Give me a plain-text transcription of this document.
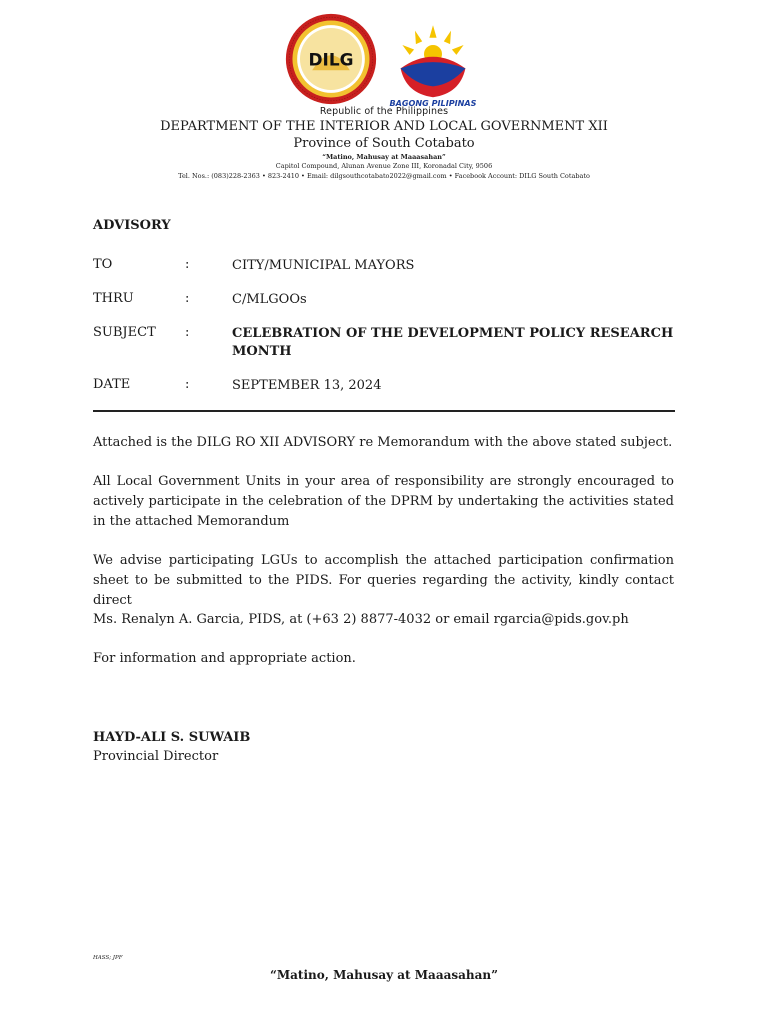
DILG
BAGONG PILIPINAS
Republic of the Philippines
DEPARTMENT OF THE INTERIOR AND LOCAL GOVERNMENT XII
Province of South Cotabato
“Matino, Mahusay at Maaasahan”
Capitol Compound, Alunan Avenue Zone III, Koronadal City, 9506
Tel. Nos.: (083)228-2363 • 823-2410 • Email: dilgsouthcotabato2022@gmail.com • Facebook Account: DILG South Cotabato
ADVISORY
TO	:	CITY/MUNICIPAL MAYORS
THRU	:	C/MLGOOs
SUBJECT :	CELEBRATION OF THE DEVELOPMENT POLICY RESEARCH MONTH
DATE	:	SEPTEMBER 13, 2024
Attached is the DILG RO XII ADVISORY re Memorandum with the above stated subject.
All Local Government Units in your area of responsibility are strongly encouraged to actively participate in the celebration of the DPRM by undertaking the activities stated in the attached Memorandum
We advise participating LGUs to accomplish the attached participation confirmation sheet to be submitted to the PIDS. For queries regarding the activity, kindly contact direct
Ms. Renalyn A. Garcia, PIDS, at (+63 2) 8877-4032 or email rgarcia@pids.gov.ph
For information and appropriate action.
HAYD-ALI S. SUWAIB
Provincial Director
HASS; JPF
“Matino, Mahusay at Maaasahan”
